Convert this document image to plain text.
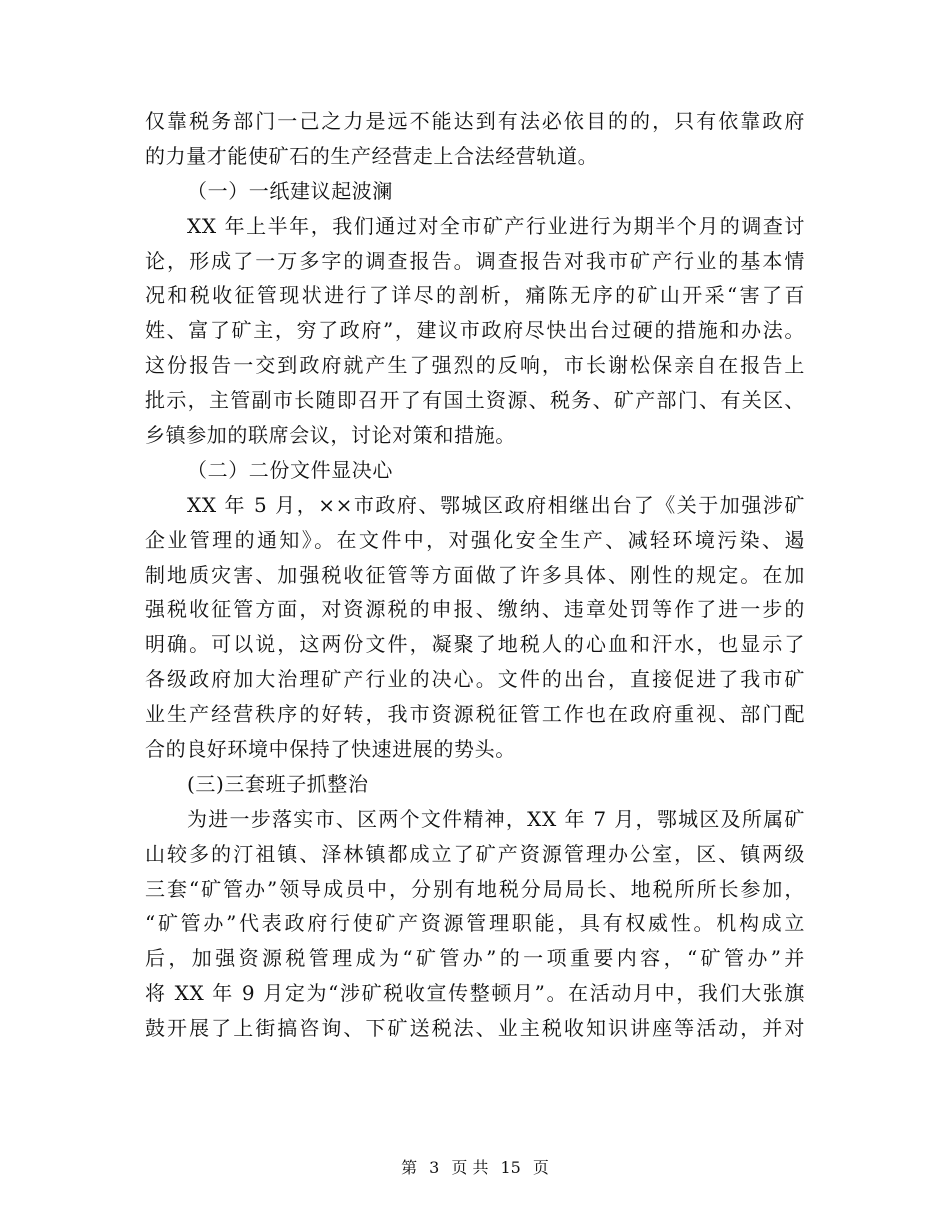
仅靠税务部门一己之力是远不能达到有法必依目的的，只有依靠政府
的力量才能使矿石的生产经营走上合法经营轨道。
（一）一纸建议起波澜
XX 年上半年，我们通过对全市矿产行业进行为期半个月的调查讨
论，形成了一万多字的调查报告。调查报告对我市矿产行业的基本情
况和税收征管现状进行了详尽的剖析，痛陈无序的矿山开采“害了百
姓、富了矿主，穷了政府”，建议市政府尽快出台过硬的措施和办法。
这份报告一交到政府就产生了强烈的反响，市长谢松保亲自在报告上
批示，主管副市长随即召开了有国土资源、税务、矿产部门、有关区、
乡镇参加的联席会议，讨论对策和措施。
（二）二份文件显决心
XX 年 5 月，××市政府、鄂城区政府相继出台了《关于加强涉矿
企业管理的通知》。在文件中，对强化安全生产、减轻环境污染、遏
制地质灾害、加强税收征管等方面做了许多具体、刚性的规定。在加
强税收征管方面，对资源税的申报、缴纳、违章处罚等作了进一步的
明确。可以说，这两份文件，凝聚了地税人的心血和汗水，也显示了
各级政府加大治理矿产行业的决心。文件的出台，直接促进了我市矿
业生产经营秩序的好转，我市资源税征管工作也在政府重视、部门配
合的良好环境中保持了快速进展的势头。
(三)三套班子抓整治
为进一步落实市、区两个文件精神，XX 年 7 月，鄂城区及所属矿
山较多的汀祖镇、泽林镇都成立了矿产资源管理办公室，区、镇两级
三套“矿管办”领导成员中，分别有地税分局局长、地税所所长参加，
“矿管办”代表政府行使矿产资源管理职能，具有权威性。机构成立
后，加强资源税管理成为“矿管办”的一项重要内容，“矿管办”并
将 XX 年 9 月定为“涉矿税收宣传整顿月”。在活动月中，我们大张旗
鼓开展了上街搞咨询、下矿送税法、业主税收知识讲座等活动，并对
第 3 页 共 15 页
